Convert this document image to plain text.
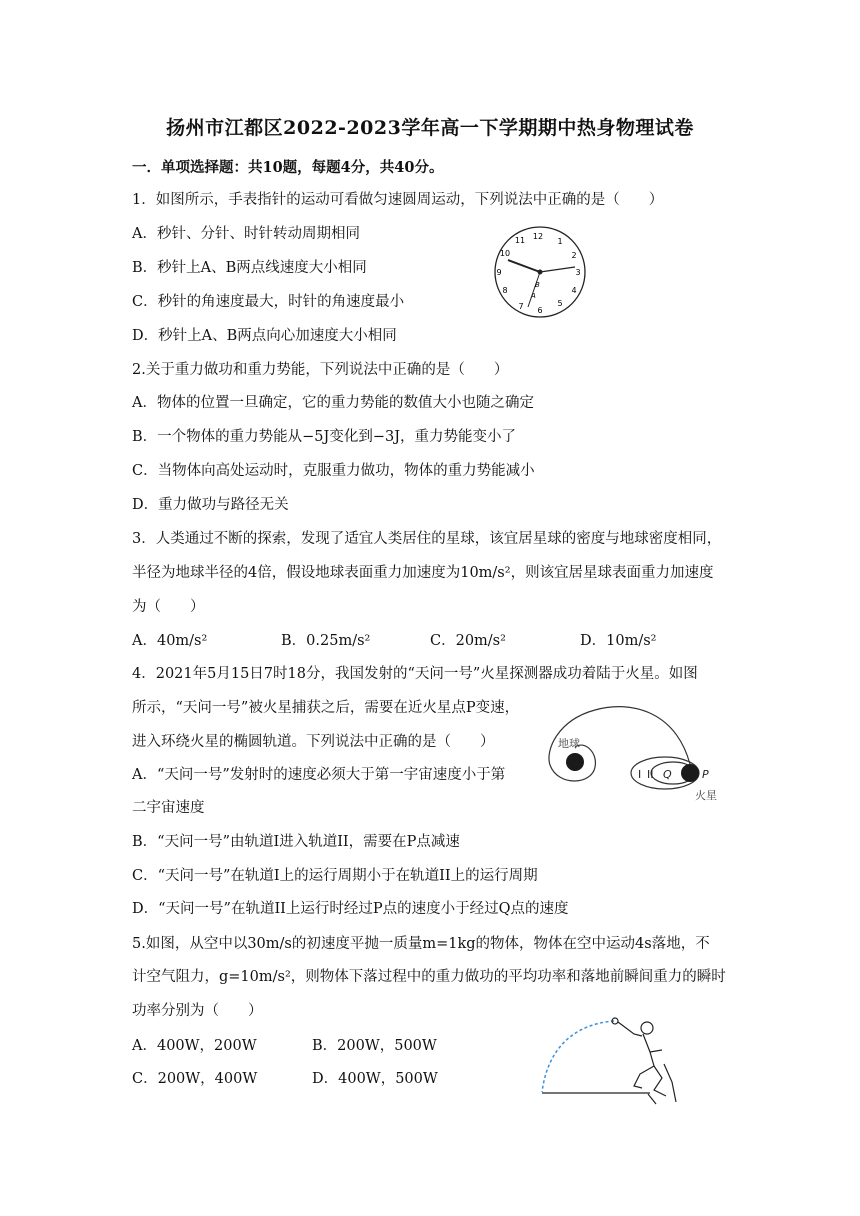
扬州市江都区2022-2023学年高一下学期期中热身物理试卷
一．单项选择题：共10题，每题4分，共40分。
1．如图所示，手表指针的运动可看做匀速圆周运动，下列说法中正确的是（　　）
A．秒针、分针、时针转动周期相同
B．秒针上A、B两点线速度大小相同
C．秒针的角速度最大，时针的角速度最小
D．秒针上A、B两点向心加速度大小相同
12
1
2
3
4
5
6
7
8
9
10
11
B
A
2.关于重力做功和重力势能，下列说法中正确的是（　　）
A．物体的位置一旦确定，它的重力势能的数值大小也随之确定
B．一个物体的重力势能从−5J变化到−3J，重力势能变小了
C．当物体向高处运动时，克服重力做功，物体的重力势能减小
D．重力做功与路径无关
3．人类通过不断的探索，发现了适宜人类居住的星球，该宜居星球的密度与地球密度相同，
半径为地球半径的4倍，假设地球表面重力加速度为10m/s²，则该宜居星球表面重力加速度
为（　　）
A．40m/s²	B．0.25m/s²	C．20m/s²	D．10m/s²
4．2021年5月15日7时18分，我国发射的“天问一号”火星探测器成功着陆于火星。如图
所示，“天问一号”被火星捕获之后，需要在近火星点P变速，
进入环绕火星的椭圆轨道。下列说法中正确的是（　　）
A．“天问一号”发射时的速度必须大于第一宇宙速度小于第
二宇宙速度
B．“天问一号”由轨道I进入轨道II，需要在P点减速
C．“天问一号”在轨道I上的运行周期小于在轨道II上的运行周期
D．“天问一号”在轨道II上运行时经过P点的速度小于经过Q点的速度
地球
I II Q	P
火星
5.如图，从空中以30m/s的初速度平抛一质量m=1kg的物体，物体在空中运动4s落地，不
计空气阻力，g=10m/s²，则物体下落过程中的重力做功的平均功率和落地前瞬间重力的瞬时
功率分别为（　　）
A．400W，200W	B．200W，500W
C．200W，400W	D．400W，500W
